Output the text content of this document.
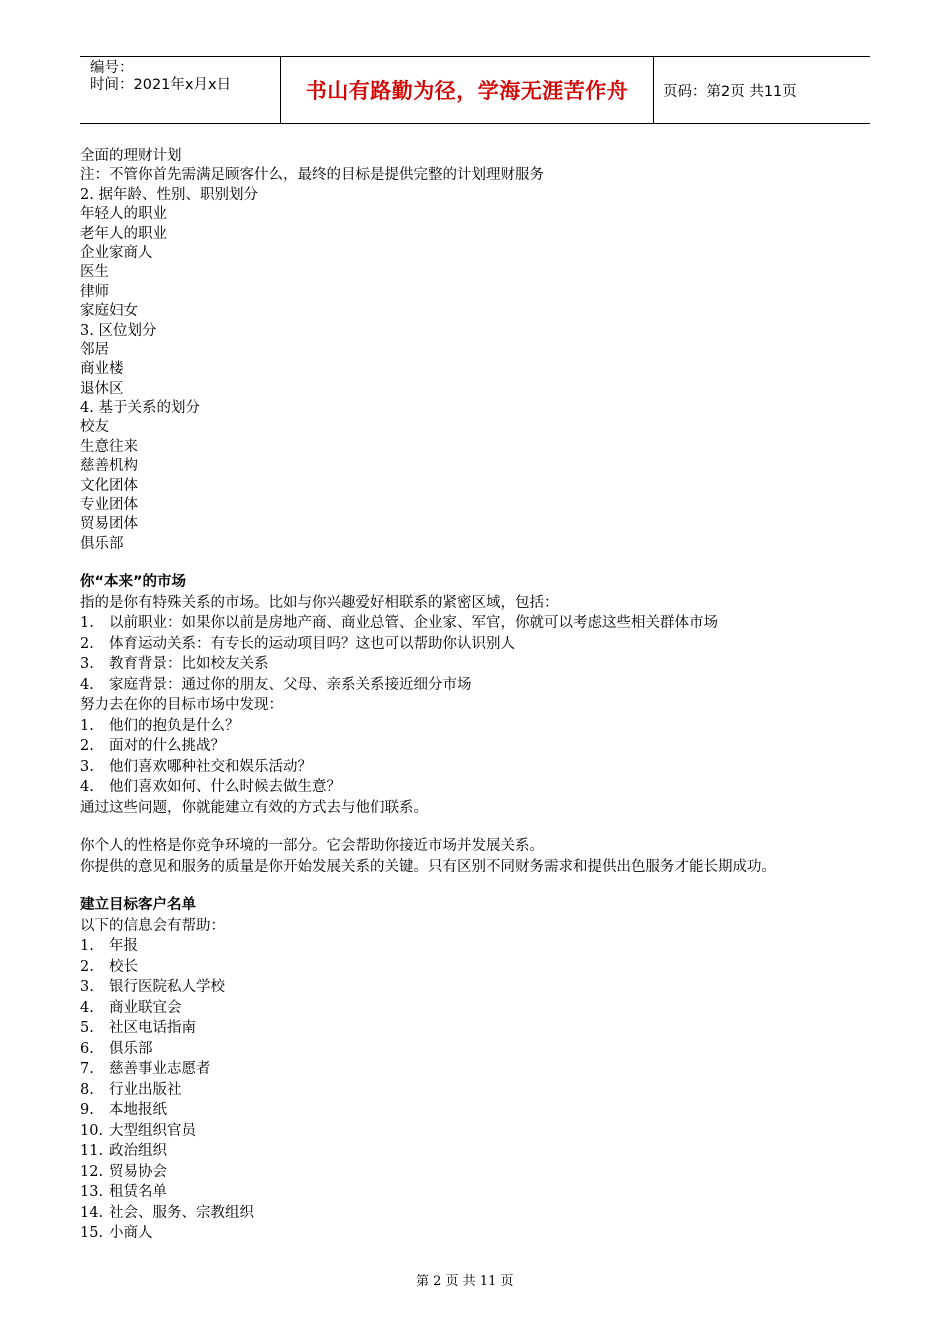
编号：
时间：2021年x月x日	书山有路勤为径，学海无涯苦作舟	页码：第2页 共11页
全面的理财计划
注：不管你首先需满足顾客什么，最终的目标是提供完整的计划理财服务
2. 据年龄、性别、职别划分
年轻人的职业
老年人的职业
企业家商人
医生
律师
家庭妇女
3. 区位划分
邻居
商业楼
退休区
4. 基于关系的划分
校友
生意往来
慈善机构
文化团体
专业团体
贸易团体
俱乐部
你“本来”的市场
指的是你有特殊关系的市场。比如与你兴趣爱好相联系的紧密区域，包括：
1. 以前职业：如果你以前是房地产商、商业总管、企业家、军官，你就可以考虑这些相关群体市场
2. 体育运动关系：有专长的运动项目吗？这也可以帮助你认识别人
3. 教育背景：比如校友关系
4. 家庭背景：通过你的朋友、父母、亲系关系接近细分市场
努力去在你的目标市场中发现：
1. 他们的抱负是什么？
2. 面对的什么挑战？
3. 他们喜欢哪种社交和娱乐活动？
4. 他们喜欢如何、什么时候去做生意？
通过这些问题，你就能建立有效的方式去与他们联系。
你个人的性格是你竞争环境的一部分。它会帮助你接近市场并发展关系。
你提供的意见和服务的质量是你开始发展关系的关键。只有区别不同财务需求和提供出色服务才能长期成功。
建立目标客户名单
以下的信息会有帮助：
1. 年报
2. 校长
3. 银行医院私人学校
4. 商业联宜会
5. 社区电话指南
6. 俱乐部
7. 慈善事业志愿者
8. 行业出版社
9. 本地报纸
10. 大型组织官员
11. 政治组织
12. 贸易协会
13. 租赁名单
14. 社会、服务、宗教组织
15. 小商人
第 2 页 共 11 页
